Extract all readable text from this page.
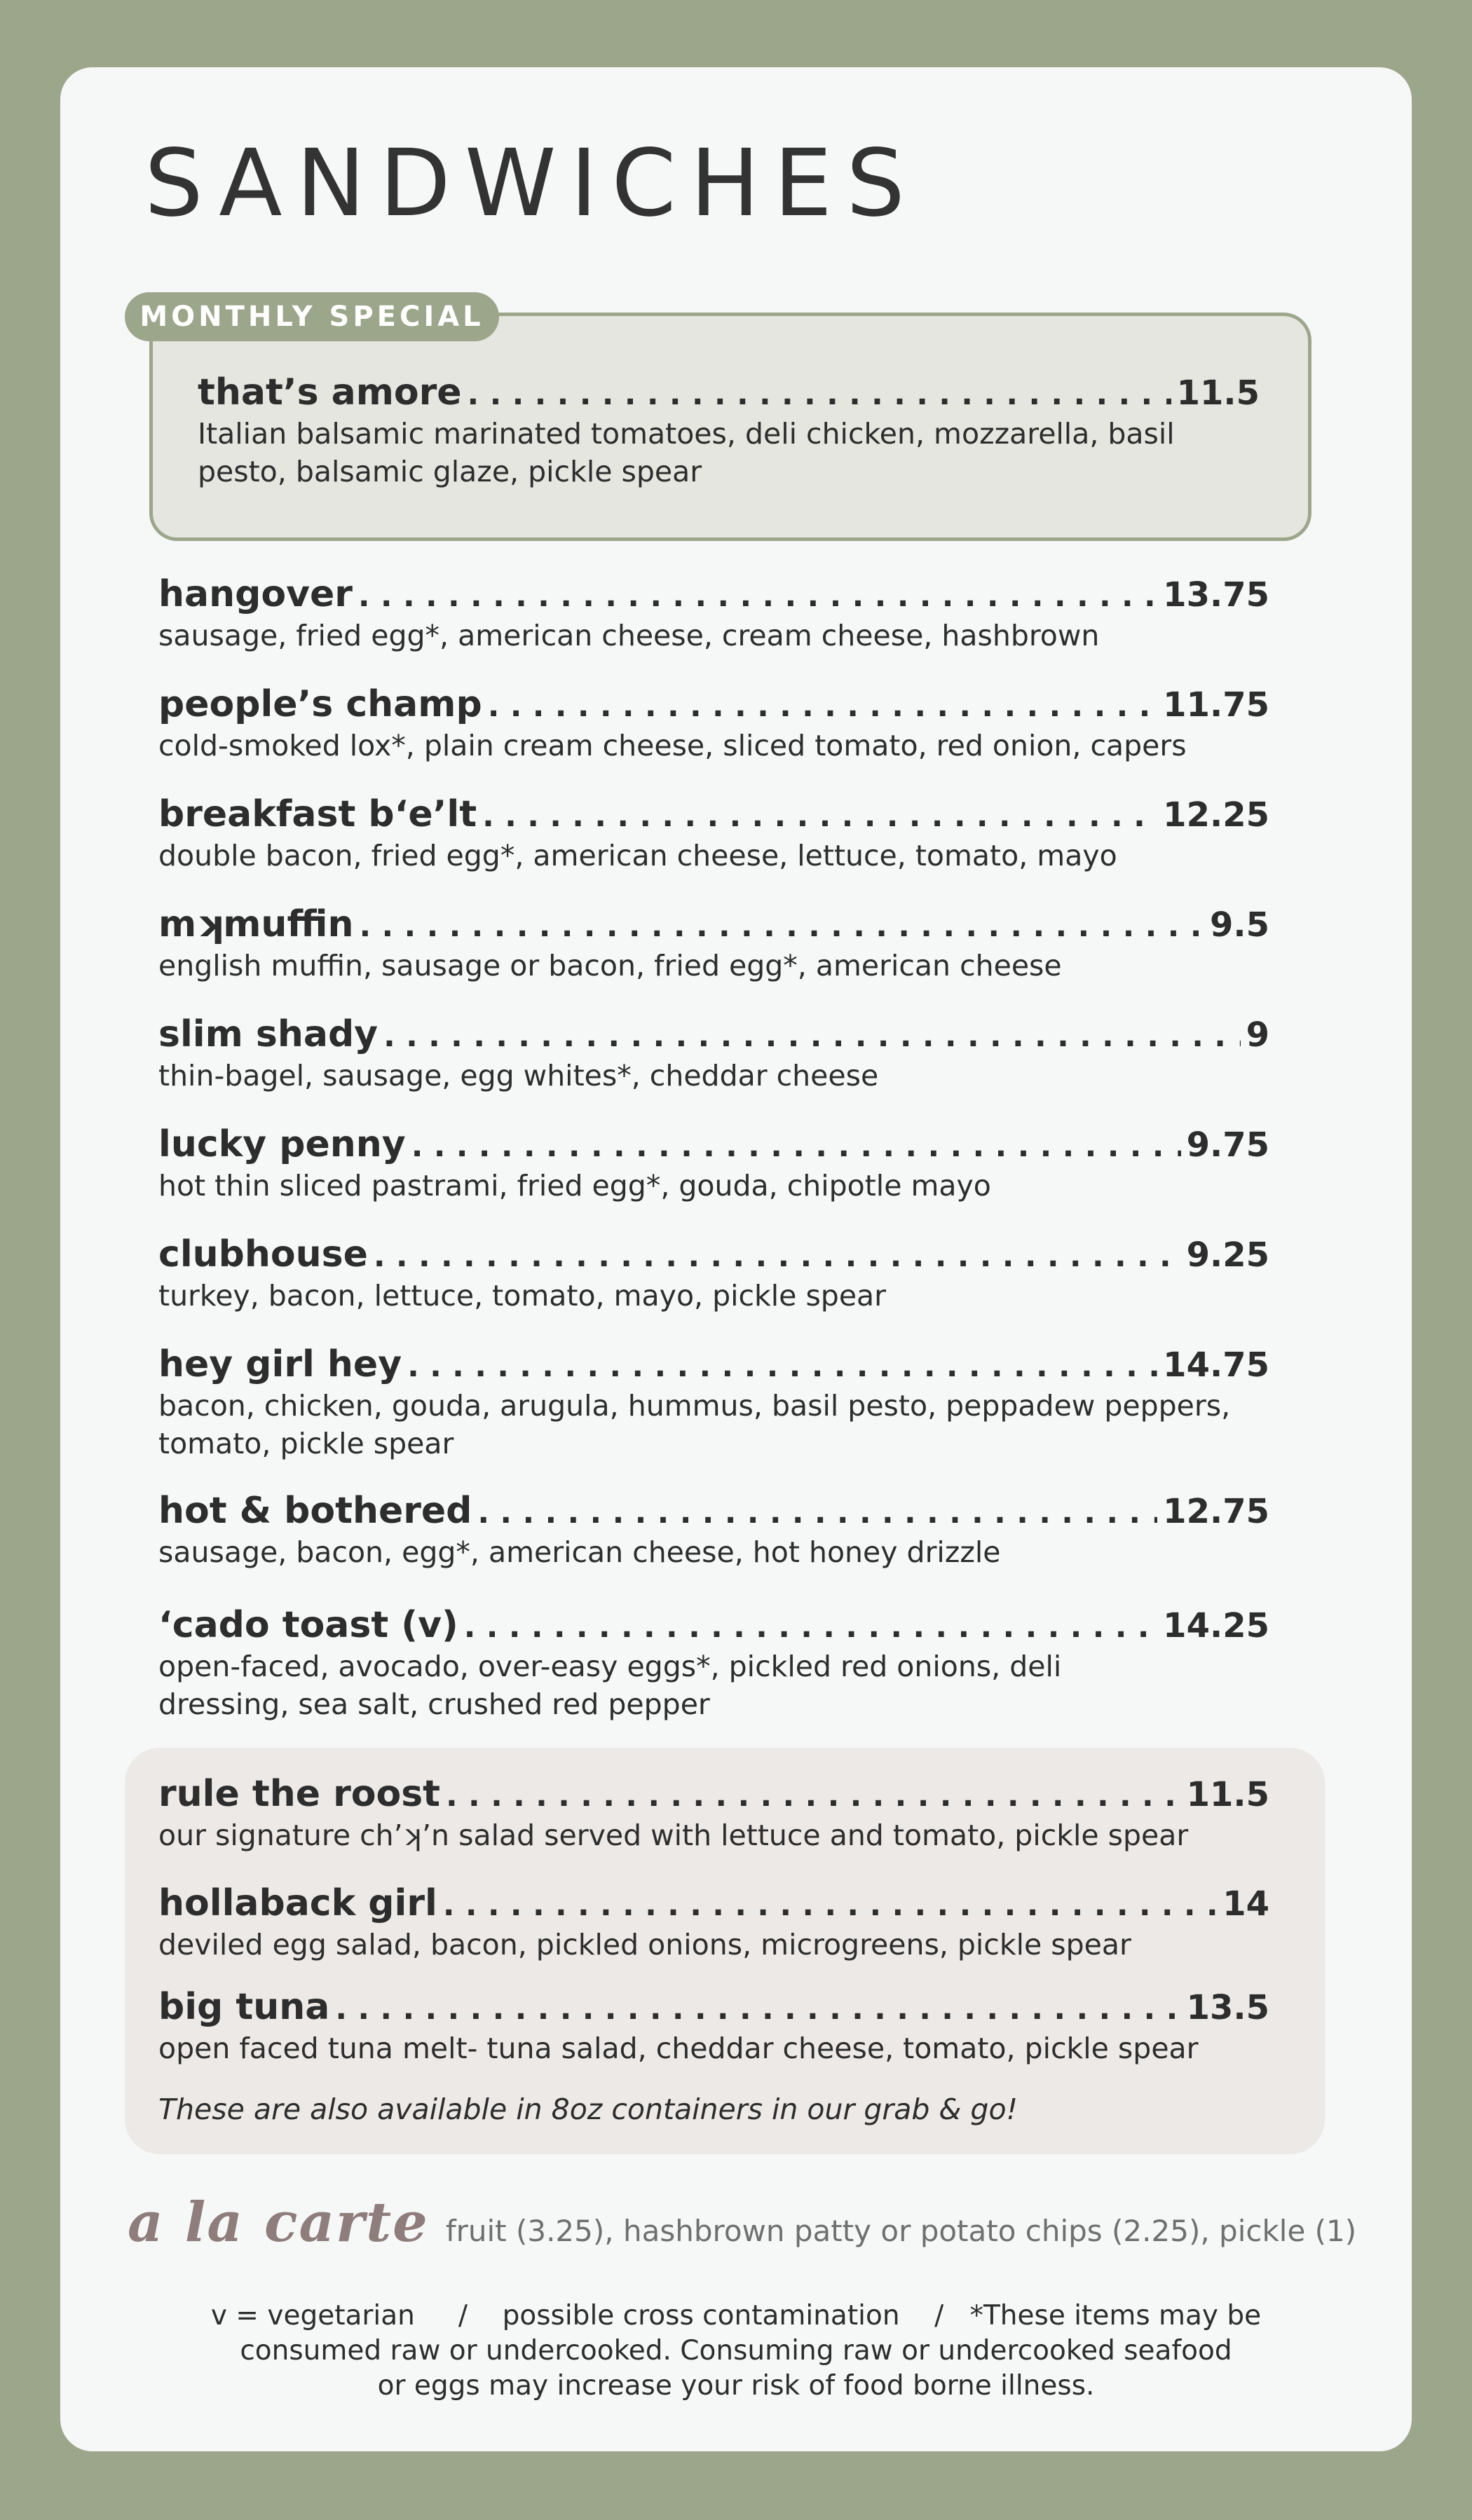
SANDWICHES
MONTHLY SPECIAL
that’s amore . . .	11.5
Italian balsamic marinated tomatoes, deli chicken, mozzarella, basil pesto, balsamic glaze, pickle spear
hangover . . .	13.75
sausage, fried egg*, american cheese, cream cheese, hashbrown
people’s champ . . .	11.75
cold-smoked lox*, plain cream cheese, sliced tomato, red onion, capers
breakfast b‘e’lt . . .	12.25
double bacon, fried egg*, american cheese, lettuce, tomato, mayo
mʞmuffin . . .	9.5
english muffin, sausage or bacon, fried egg*, american cheese
slim shady . . .	9
thin-bagel, sausage, egg whites*, cheddar cheese
lucky penny . . .	9.75
hot thin sliced pastrami, fried egg*, gouda, chipotle mayo
clubhouse . . .	9.25
turkey, bacon, lettuce, tomato, mayo, pickle spear
hey girl hey . . .	14.75
bacon, chicken, gouda, arugula, hummus, basil pesto, peppadew peppers, tomato, pickle spear
hot & bothered . . .	12.75
sausage, bacon, egg*, american cheese, hot honey drizzle
‘cado toast (v) . . .	14.25
open-faced, avocado, over-easy eggs*, pickled red onions, deli dressing, sea salt, crushed red pepper
rule the roost . . .	11.5
our signature ch’ʞ’n salad served with lettuce and tomato, pickle spear
hollaback girl . . .	14
deviled egg salad, bacon, pickled onions, microgreens, pickle spear
big tuna . . .	13.5
open faced tuna melt- tuna salad, cheddar cheese, tomato, pickle spear
These are also available in 8oz containers in our grab & go!
a la carte fruit (3.25), hashbrown patty or potato chips (2.25), pickle (1)
v = vegetarian     /    possible cross contamination    /   *These items may be
consumed raw or undercooked. Consuming raw or undercooked seafood
or eggs may increase your risk of food borne illness.
